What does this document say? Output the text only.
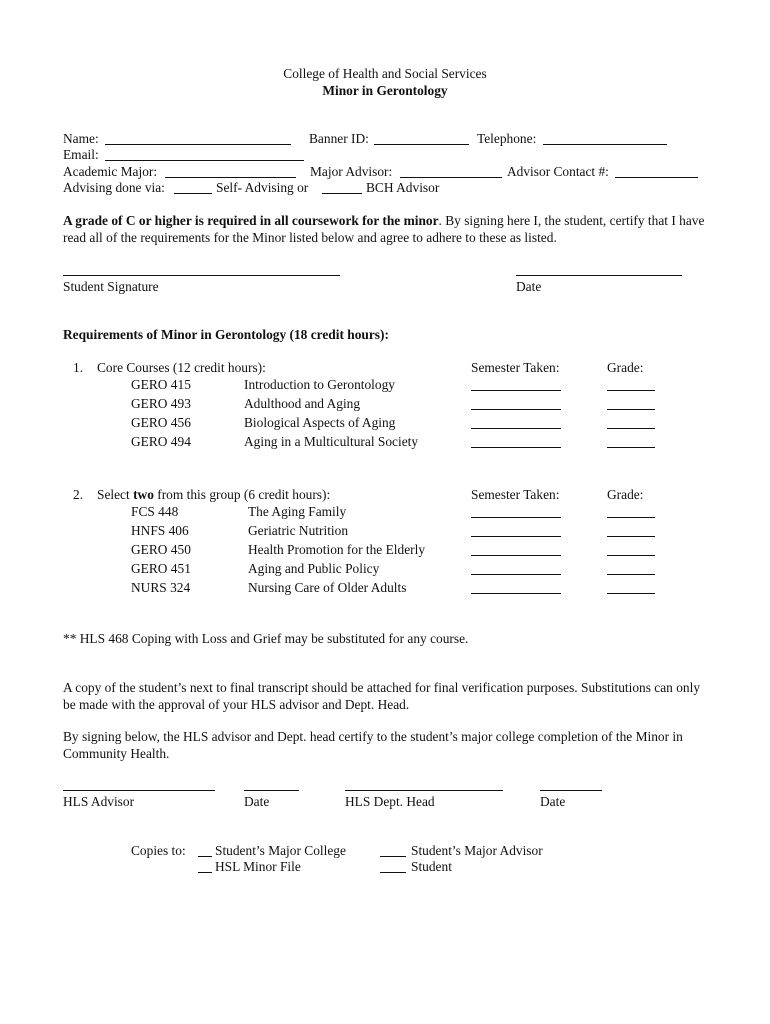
College of Health and Social Services
Minor in Gerontology
Name:	Banner ID:	Telephone:
Email:
Academic Major:	Major Advisor:	Advisor Contact #:
Advising done via:	Self- Advising or	BCH Advisor
A grade of C or higher is required in all coursework for the minor. By signing here I, the student, certify that I have read all of the requirements for the Minor listed below and agree to adhere to these as listed.
Student Signature	Date
Requirements of Minor in Gerontology (18 credit hours):
1. Core Courses (12 credit hours):	Semester Taken:	Grade:
GERO 415	Introduction to Gerontology
GERO 493	Adulthood and Aging
GERO 456	Biological Aspects of Aging
GERO 494	Aging in a Multicultural Society
2. Select two from this group (6 credit hours):	Semester Taken:	Grade:
FCS 448	The Aging Family
HNFS 406	Geriatric Nutrition
GERO 450	Health Promotion for the Elderly
GERO 451	Aging and Public Policy
NURS 324	Nursing Care of Older Adults
** HLS 468 Coping with Loss and Grief may be substituted for any course.
A copy of the student’s next to final transcript should be attached for final verification purposes. Substitutions can only be made with the approval of your HLS advisor and Dept. Head.
By signing below, the HLS advisor and Dept. head certify to the student’s major college completion of the Minor in Community Health.
HLS Advisor	Date	HLS Dept. Head	Date
Copies to: Student’s Major College	Student’s Major Advisor
HSL Minor File	Student
